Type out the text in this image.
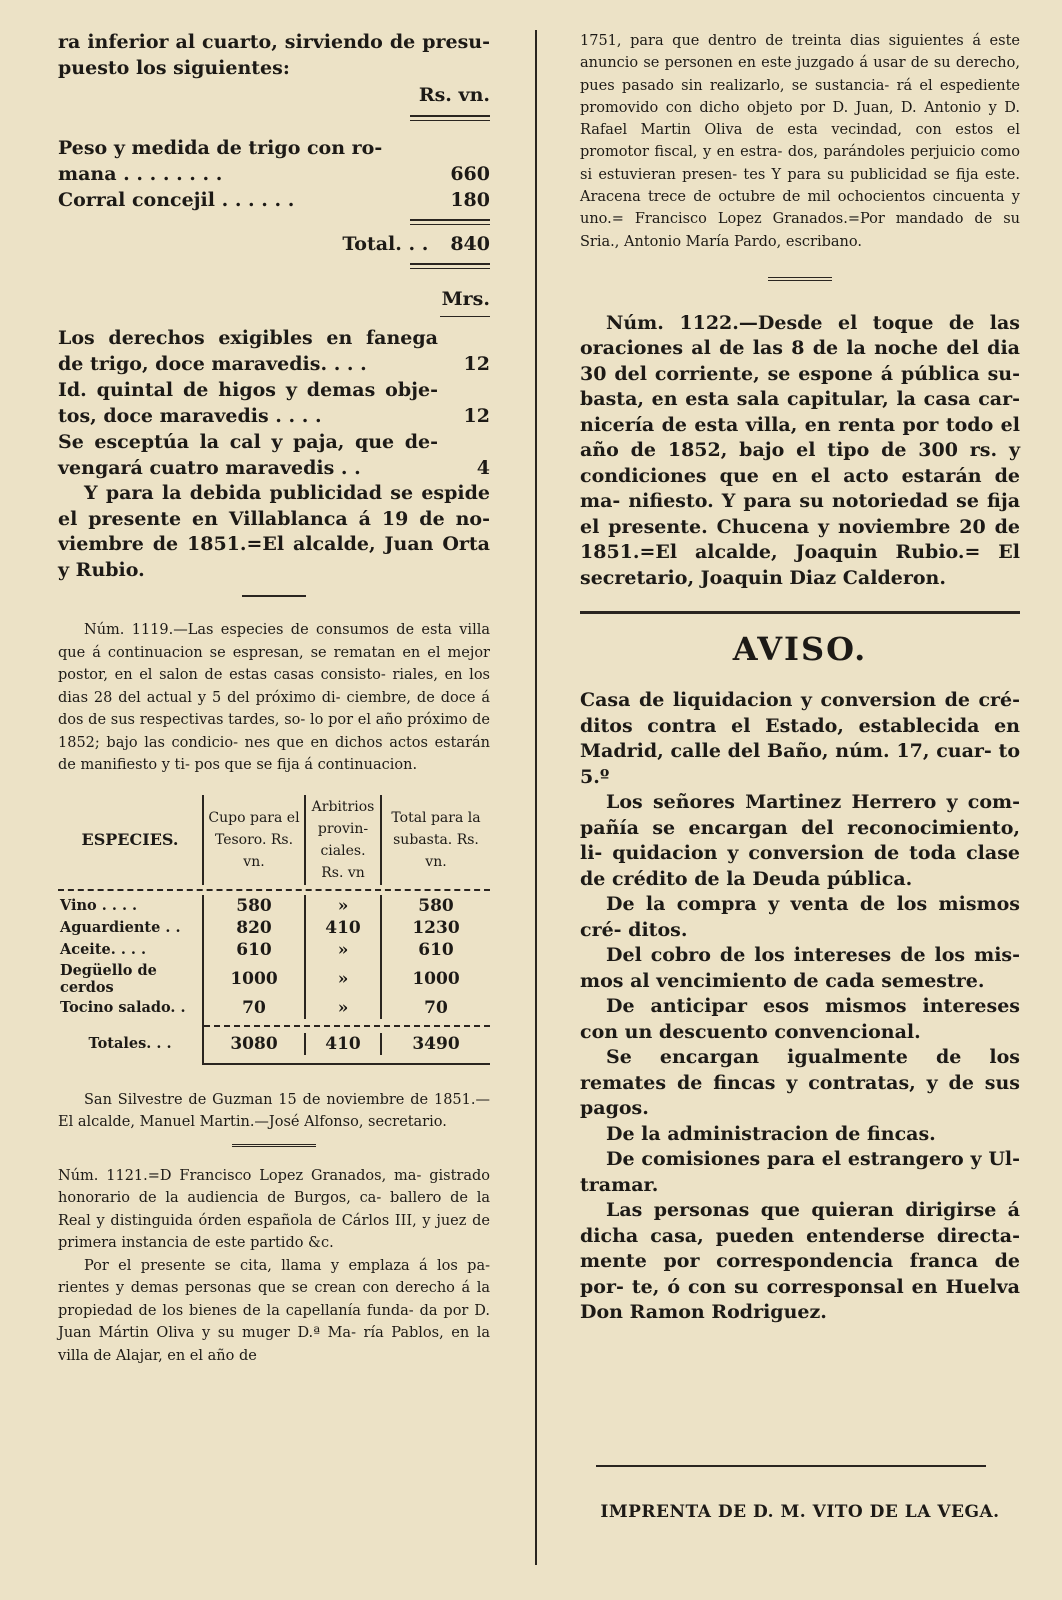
ra inferior al cuarto, sirviendo de presu- puesto los siguientes:

Rs. vn.

Peso y medida de trigo con ro- mana . . . . . . . .	660
Corral concejil . . . . . .	180
Total. . . 840

Mrs.

Los derechos exigibles en fanega de trigo, doce maravedis. . . .	12
Id. quintal de higos y demas obje- tos, doce maravedis . . . .	12
Se esceptúa la cal y paja, que de- vengará cuatro maravedis . .	4

Y para la debida publicidad se espide el presente en Villablanca á 19 de no- viembre de 1851.=El alcalde, Juan Orta y Rubio.

Núm. 1119.—Las especies de consumos de esta villa que á continuacion se espresan, se rematan en el mejor postor, en el salon de estas casas consisto- riales, en los dias 28 del actual y 5 del próximo di- ciembre, de doce á dos de sus respectivas tardes, so- lo por el año próximo de 1852; bajo las condicio- nes que en dichos actos estarán de manifiesto y ti- pos que se fija á continuacion.

ESPECIES.	Cupo para el Tesoro. Rs. vn.	Arbitrios provin- ciales. Rs. vn	Total para la subasta. Rs. vn.

Vino . . . .	580	»	580
Aguardiente . .	820	410	1230
Aceite. . . .	610	»	610
Degüello de cerdos	1000	»	1000
Tocino salado. .	70	»	70

Totales. . .	3080	410	3490

San Silvestre de Guzman 15 de noviembre de 1851.—El alcalde, Manuel Martin.—José Alfonso, secretario.

Núm. 1121.=D Francisco Lopez Granados, ma- gistrado honorario de la audiencia de Burgos, ca- ballero de la Real y distinguida órden española de Cárlos III, y juez de primera instancia de este partido &c.

Por el presente se cita, llama y emplaza á los pa- rientes y demas personas que se crean con derecho á la propiedad de los bienes de la capellanía funda- da por D. Juan Mártin Oliva y su muger D.ª Ma- ría Pablos, en la villa de Alajar, en el año de

1751, para que dentro de treinta dias siguientes á este anuncio se personen en este juzgado á usar de su derecho, pues pasado sin realizarlo, se sustancia- rá el espediente promovido con dicho objeto por D. Juan, D. Antonio y D. Rafael Martin Oliva de esta vecindad, con estos el promotor fiscal, y en estra- dos, parándoles perjuicio como si estuvieran presen- tes Y para su publicidad se fija este. Aracena trece de octubre de mil ochocientos cincuenta y uno.= Francisco Lopez Granados.=Por mandado de su Sria., Antonio María Pardo, escribano.

Núm. 1122.—Desde el toque de las oraciones al de las 8 de la noche del dia 30 del corriente, se espone á pública su- basta, en esta sala capitular, la casa car- nicería de esta villa, en renta por todo el año de 1852, bajo el tipo de 300 rs. y condiciones que en el acto estarán de ma- nifiesto. Y para su notoriedad se fija el presente. Chucena y noviembre 20 de 1851.=El alcalde, Joaquin Rubio.= El secretario, Joaquin Diaz Calderon.

AVISO.

Casa de liquidacion y conversion de cré- ditos contra el Estado, establecida en Madrid, calle del Baño, núm. 17, cuar- to 5.º

Los señores Martinez Herrero y com- pañía se encargan del reconocimiento, li- quidacion y conversion de toda clase de crédito de la Deuda pública.

De la compra y venta de los mismos cré- ditos.

Del cobro de los intereses de los mis- mos al vencimiento de cada semestre.

De anticipar esos mismos intereses con un descuento convencional.

Se encargan igualmente de los remates de fincas y contratas, y de sus pagos.

De la administracion de fincas.

De comisiones para el estrangero y Ul- tramar.

Las personas que quieran dirigirse á dicha casa, pueden entenderse directa- mente por correspondencia franca de por- te, ó con su corresponsal en Huelva Don Ramon Rodriguez.

IMPRENTA DE D. M. VITO DE LA VEGA.
